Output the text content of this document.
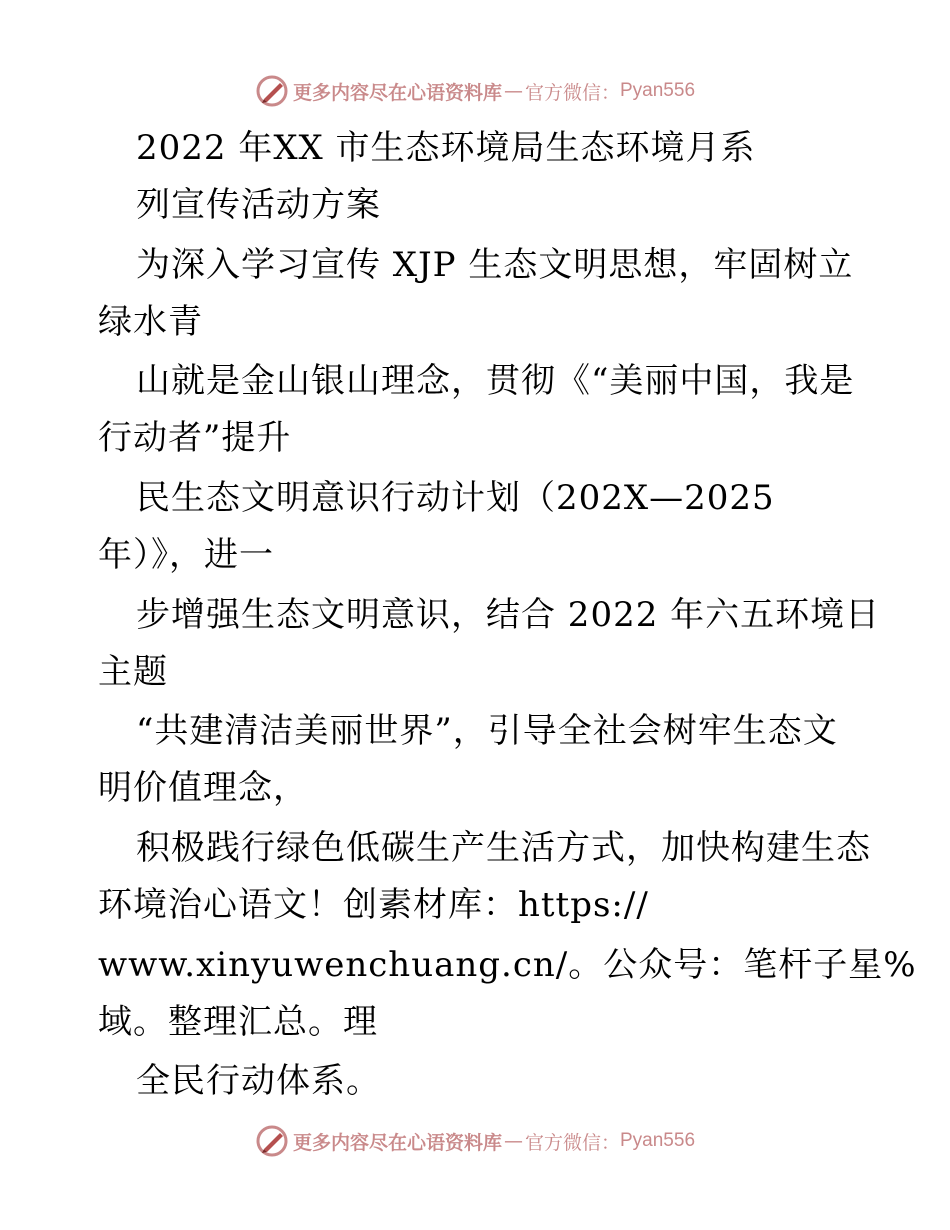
更多内容尽在心语资料库 — 官方微信： Pyan556
2022 年XX 市生态环境局生态环境月系
列宣传活动方案
为深入学习宣传 XJP 生态文明思想，牢固树立
绿水青
山就是金山银山理念，贯彻《“美丽中国，我是
行动者”提升
民生态文明意识行动计划（202X—2025
年）》，进一
步增强生态文明意识，结合 2022 年六五环境日
主题
“共建清洁美丽世界”，引导全社会树牢生态文
明价值理念，
积极践行绿色低碳生产生活方式，加快构建生态
环境治心语文！创素材库：https://
www.xinyuwenchuang.cn/。公众号：笔杆子星%
域。整理汇总。理
全民行动体系。
更多内容尽在心语资料库 — 官方微信： Pyan556
